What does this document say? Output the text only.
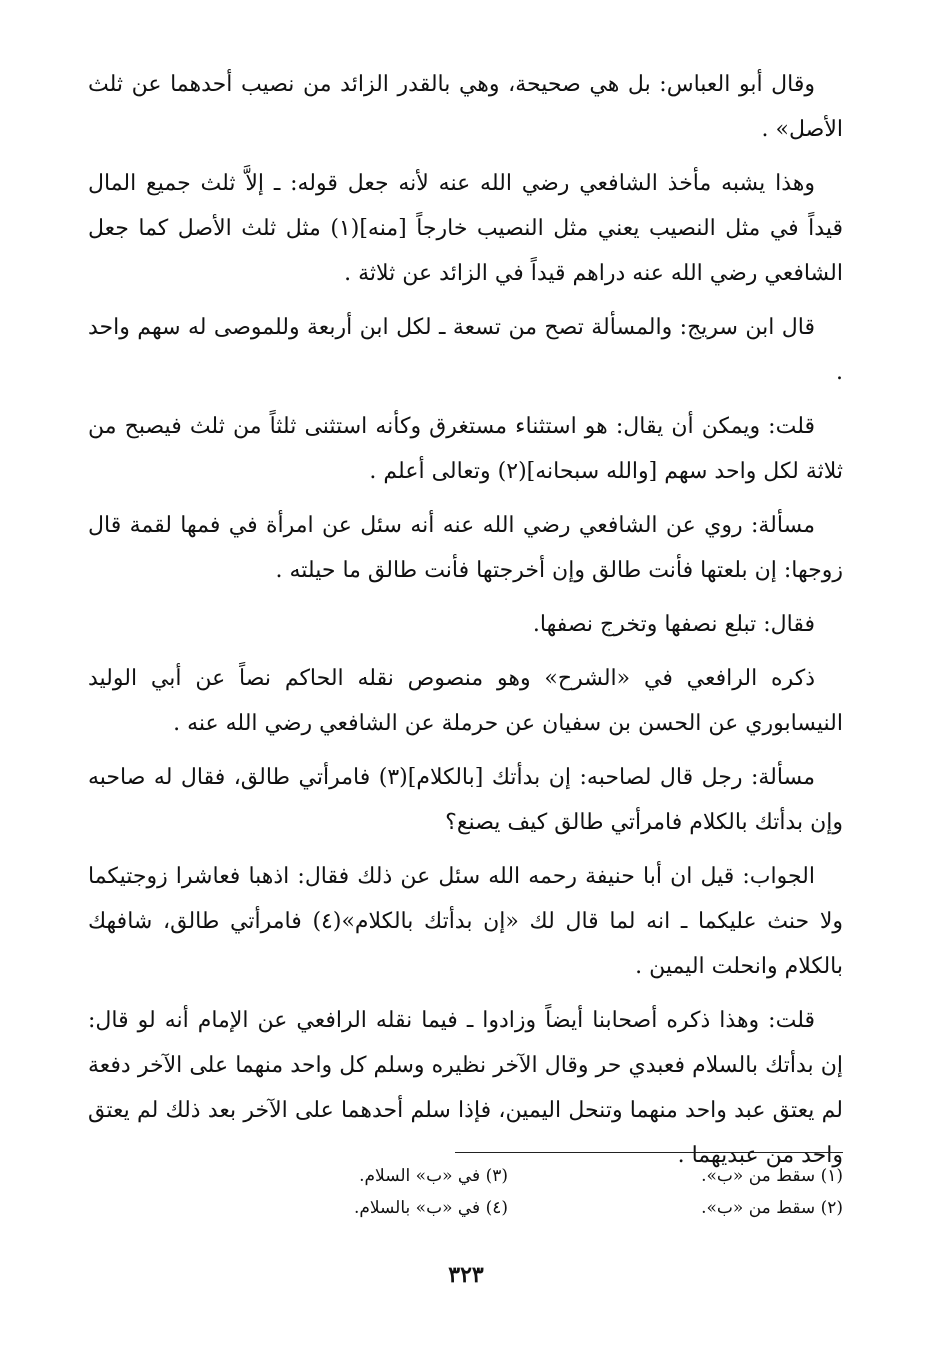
وقال أبو العباس: بل هي صحيحة، وهي بالقدر الزائد من نصيب أحدهما عن ثلث الأصل» .

وهذا يشبه مأخذ الشافعي رضي الله عنه لأنه جعل قوله: ـ إلاَّ ثلث جميع المال قيداً في مثل النصيب يعني مثل النصيب خارجاً [منه](١) مثل ثلث الأصل كما جعل الشافعي رضي الله عنه دراهم قيداً في الزائد عن ثلاثة .

قال ابن سريج: والمسألة تصح من تسعة ـ لكل ابن أربعة وللموصى له سهم واحد .

قلت: ويمكن أن يقال: هو استثناء مستغرق وكأنه استثنى ثلثاً من ثلث فيصبح من ثلاثة لكل واحد سهم [والله سبحانه](٢) وتعالى أعلم .

مسألة: روي عن الشافعي رضي الله عنه أنه سئل عن امرأة في فمها لقمة قال زوجها: إن بلعتها فأنت طالق وإن أخرجتها فأنت طالق ما حيلته .

فقال: تبلع نصفها وتخرج نصفها.

ذكره الرافعي في «الشرح» وهو منصوص نقله الحاكم نصاً عن أبي الوليد النيسابوري عن الحسن بن سفيان عن حرملة عن الشافعي رضي الله عنه .

مسألة: رجل قال لصاحبه: إن بدأتك [بالكلام](٣) فامرأتي طالق، فقال له صاحبه وإن بدأتك بالكلام فامرأتي طالق كيف يصنع؟

الجواب: قيل ان أبا حنيفة رحمه الله سئل عن ذلك فقال: اذهبا فعاشرا زوجتيكما ولا حنث عليكما ـ انه لما قال لك «إن بدأتك بالكلام»(٤) فامرأتي طالق، شافهك بالكلام وانحلت اليمين .

قلت: وهذا ذكره أصحابنا أيضاً وزادوا ـ فيما نقله الرافعي عن الإمام أنه لو قال: إن بدأتك بالسلام فعبدي حر وقال الآخر نظيره وسلم كل واحد منهما على الآخر دفعة لم يعتق عبد واحد منهما وتنحل اليمين، فإذا سلم أحدهما على الآخر بعد ذلك لم يعتق واحد من عبديهما .

(١) سقط من «ب».
(٢) سقط من «ب».
(٣) في «ب» السلام.
(٤) في «ب» بالسلام.
٣٢٣
